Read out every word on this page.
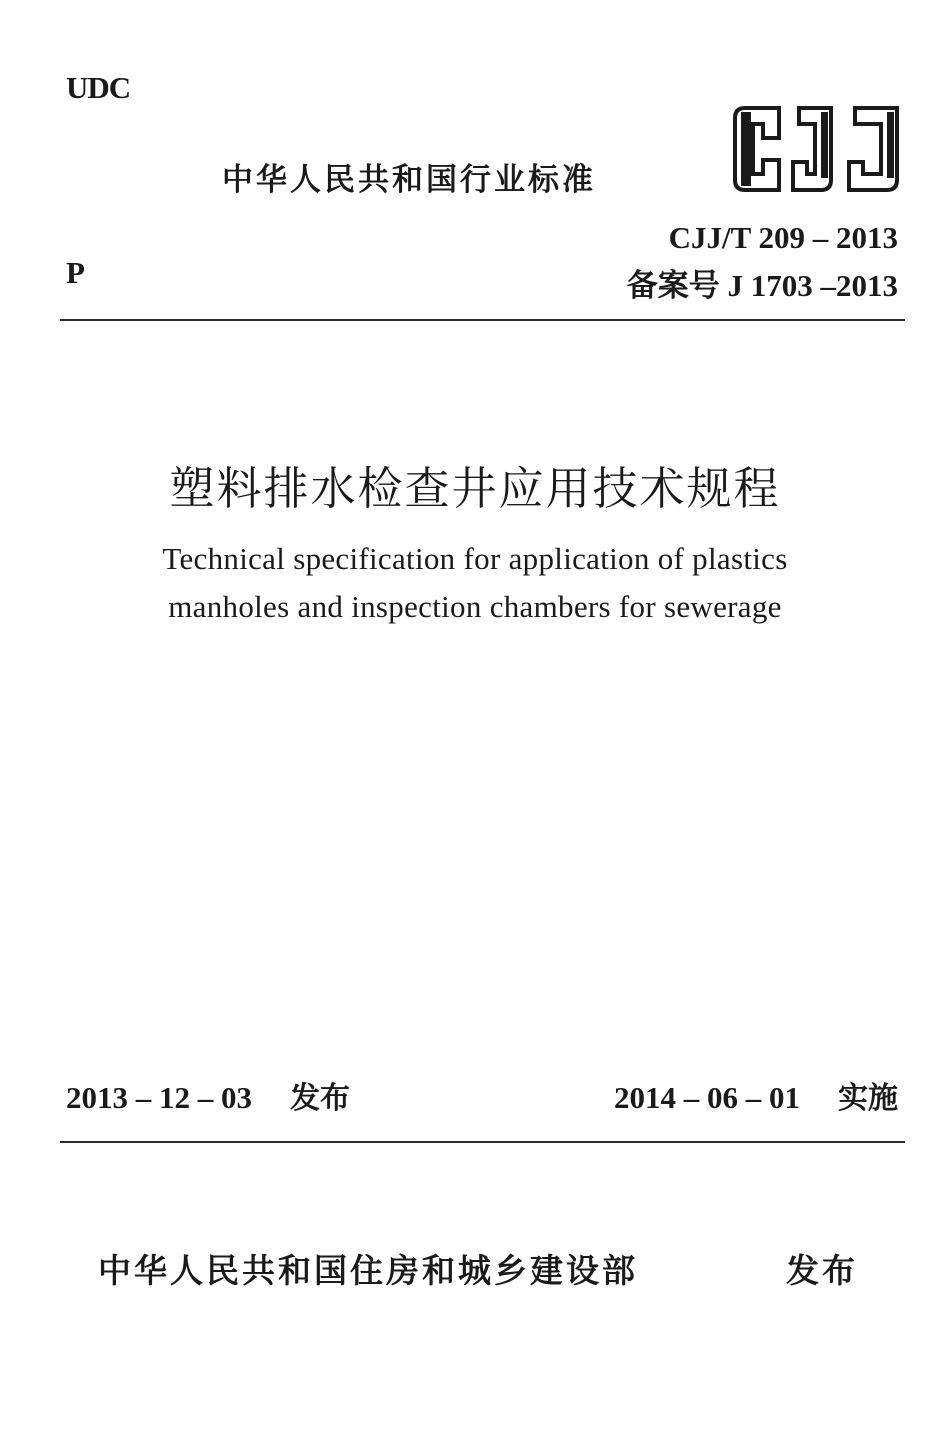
UDC
中华人民共和国行业标准	CJJ
CJJ/T 209 – 2013
备案号 J 1703 –2013
P
塑料排水检查井应用技术规程
Technical specification for application of plastics
manholes and inspection chambers for sewerage
2013 – 12 – 03 发布	2014 – 06 – 01 实施
中华人民共和国住房和城乡建设部	发布
